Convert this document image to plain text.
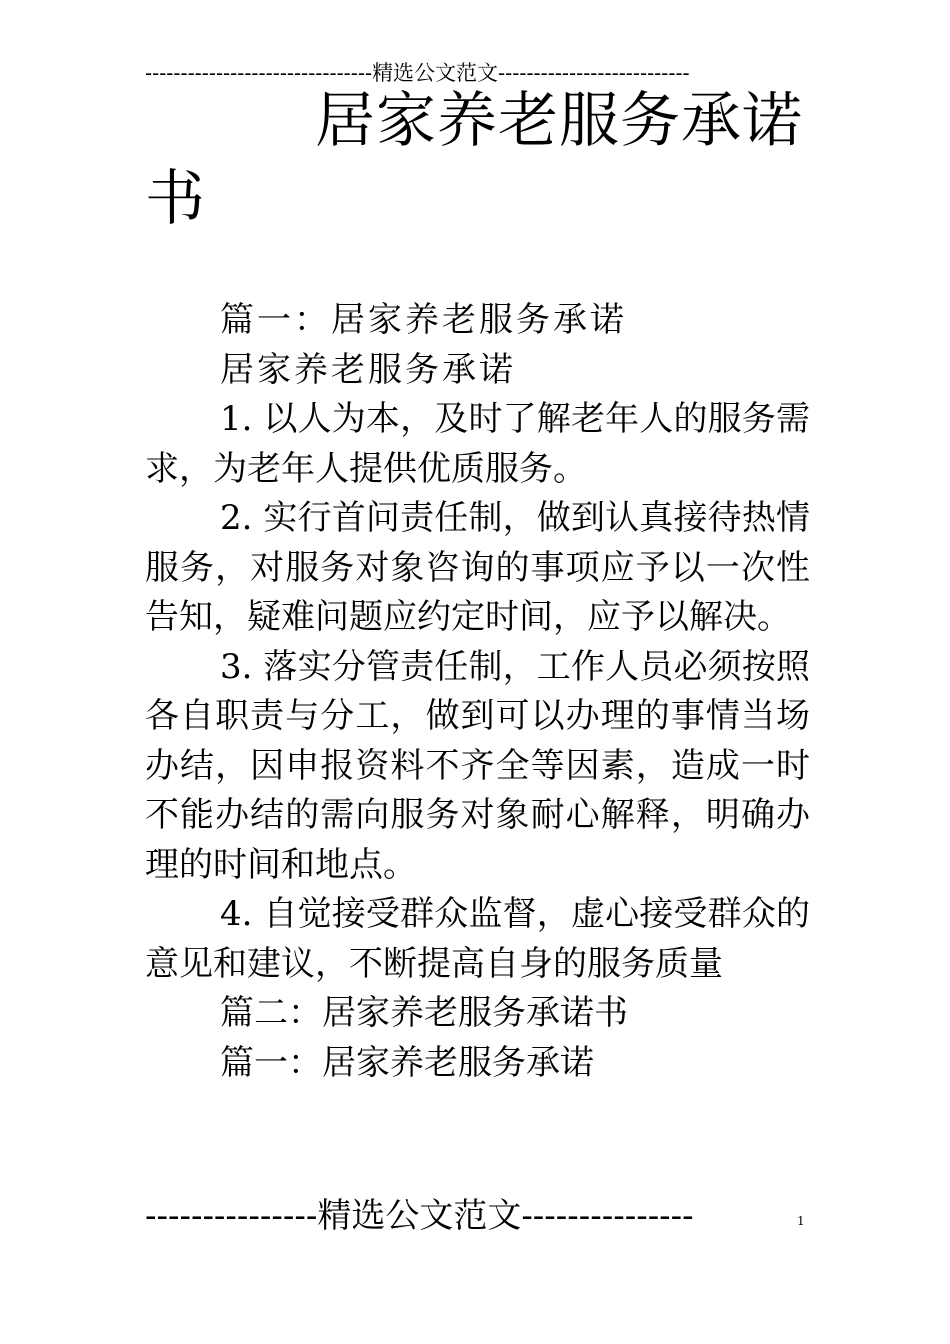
--------------------------------精选公文范文---------------------------
居家养老服务承诺书

篇一：居家养老服务承诺

居家养老服务承诺

1. 以人为本，及时了解老年人的服务需求，为老年人提供优质服务。

2. 实行首问责任制，做到认真接待热情服务，对服务对象咨询的事项应予以一次性告知，疑难问题应约定时间，应予以解决。

3. 落实分管责任制，工作人员必须按照各自职责与分工，做到可以办理的事情当场办结，因申报资料不齐全等因素，造成一时不能办结的需向服务对象耐心解释，明确办理的时间和地点。

4. 自觉接受群众监督，虚心接受群众的意见和建议，不断提高自身的服务质量

篇二：居家养老服务承诺书

篇一：居家养老服务承诺

---------------精选公文范文---------------	1
